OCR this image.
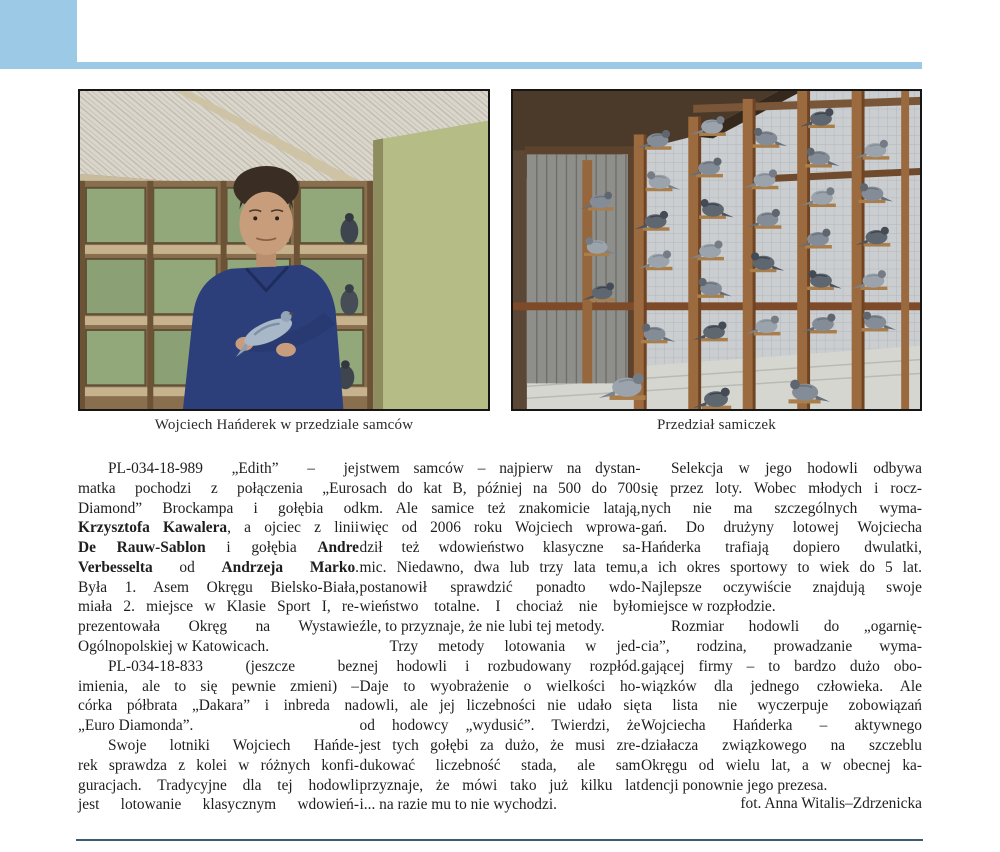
Wojciech Hańderek w przedziale samców	Przedział samiczek
PL-034-18-989 „Edith” – jej
matka pochodzi z połączenia „Euro
Diamond” Brockampa i gołębia od
Krzysztofa Kawalera, a ojciec z linii
De Rauw-Sablon i gołębia Andre
Verbesselta od Andrzeja Marko.
Była 1. Asem Okręgu Bielsko-Biała,
miała 2. miejsce w Klasie Sport I, re-
prezentowała Okręg na Wystawie
Ogólnopolskiej w Katowicach.
PL-034-18-833 (jeszcze bez
imienia, ale to się pewnie zmieni) –
córka półbrata „Dakara” i inbreda na
„Euro Diamonda”.
Swoje lotniki Wojciech Hańde-
rek sprawdza z kolei w różnych konfi-
guracjach. Tradycyjne dla tej hodowli
jest lotowanie klasycznym wdowień-
stwem samców – najpierw na dystan-
sach do kat B, później na 500 do 700
km. Ale samice też znakomicie latają,
więc od 2006 roku Wojciech wprowa-
dził też wdowieństwo klasyczne sa-
mic. Niedawno, dwa lub trzy lata temu,
postanowił sprawdzić ponadto wdo-
wieństwo totalne. I chociaż nie było
źle, to przyznaje, że nie lubi tej metody.
Trzy metody lotowania w jed-
nej hodowli i rozbudowany rozpłód.
Daje to wyobrażenie o wielkości ho-
dowli, ale jej liczebności nie udało się
od hodowcy „wydusić”. Twierdzi, że
jest tych gołębi za dużo, że musi zre-
dukować liczebność stada, ale sam
przyznaje, że mówi tako już kilku lat
i... na razie mu to nie wychodzi.
Selekcja w jego hodowli odbywa
się przez loty. Wobec młodych i rocz-
nych nie ma szczególnych wyma-
gań. Do drużyny lotowej Wojciecha
Hańderka trafiają dopiero dwulatki,
a ich okres sportowy to wiek do 5 lat.
Najlepsze oczywiście znajdują swoje
miejsce w rozpłodzie.
Rozmiar hodowli do „ogarnię-
cia”, rodzina, prowadzanie wyma-
gającej firmy – to bardzo dużo obo-
wiązków dla jednego człowieka. Ale
ta lista nie wyczerpuje zobowiązań
Wojciecha Hańderka – aktywnego
działacza związkowego na szczeblu
Okręgu od wielu lat, a w obecnej ka-
dencji ponownie jego prezesa.
fot. Anna Witalis–Zdrzenicka
